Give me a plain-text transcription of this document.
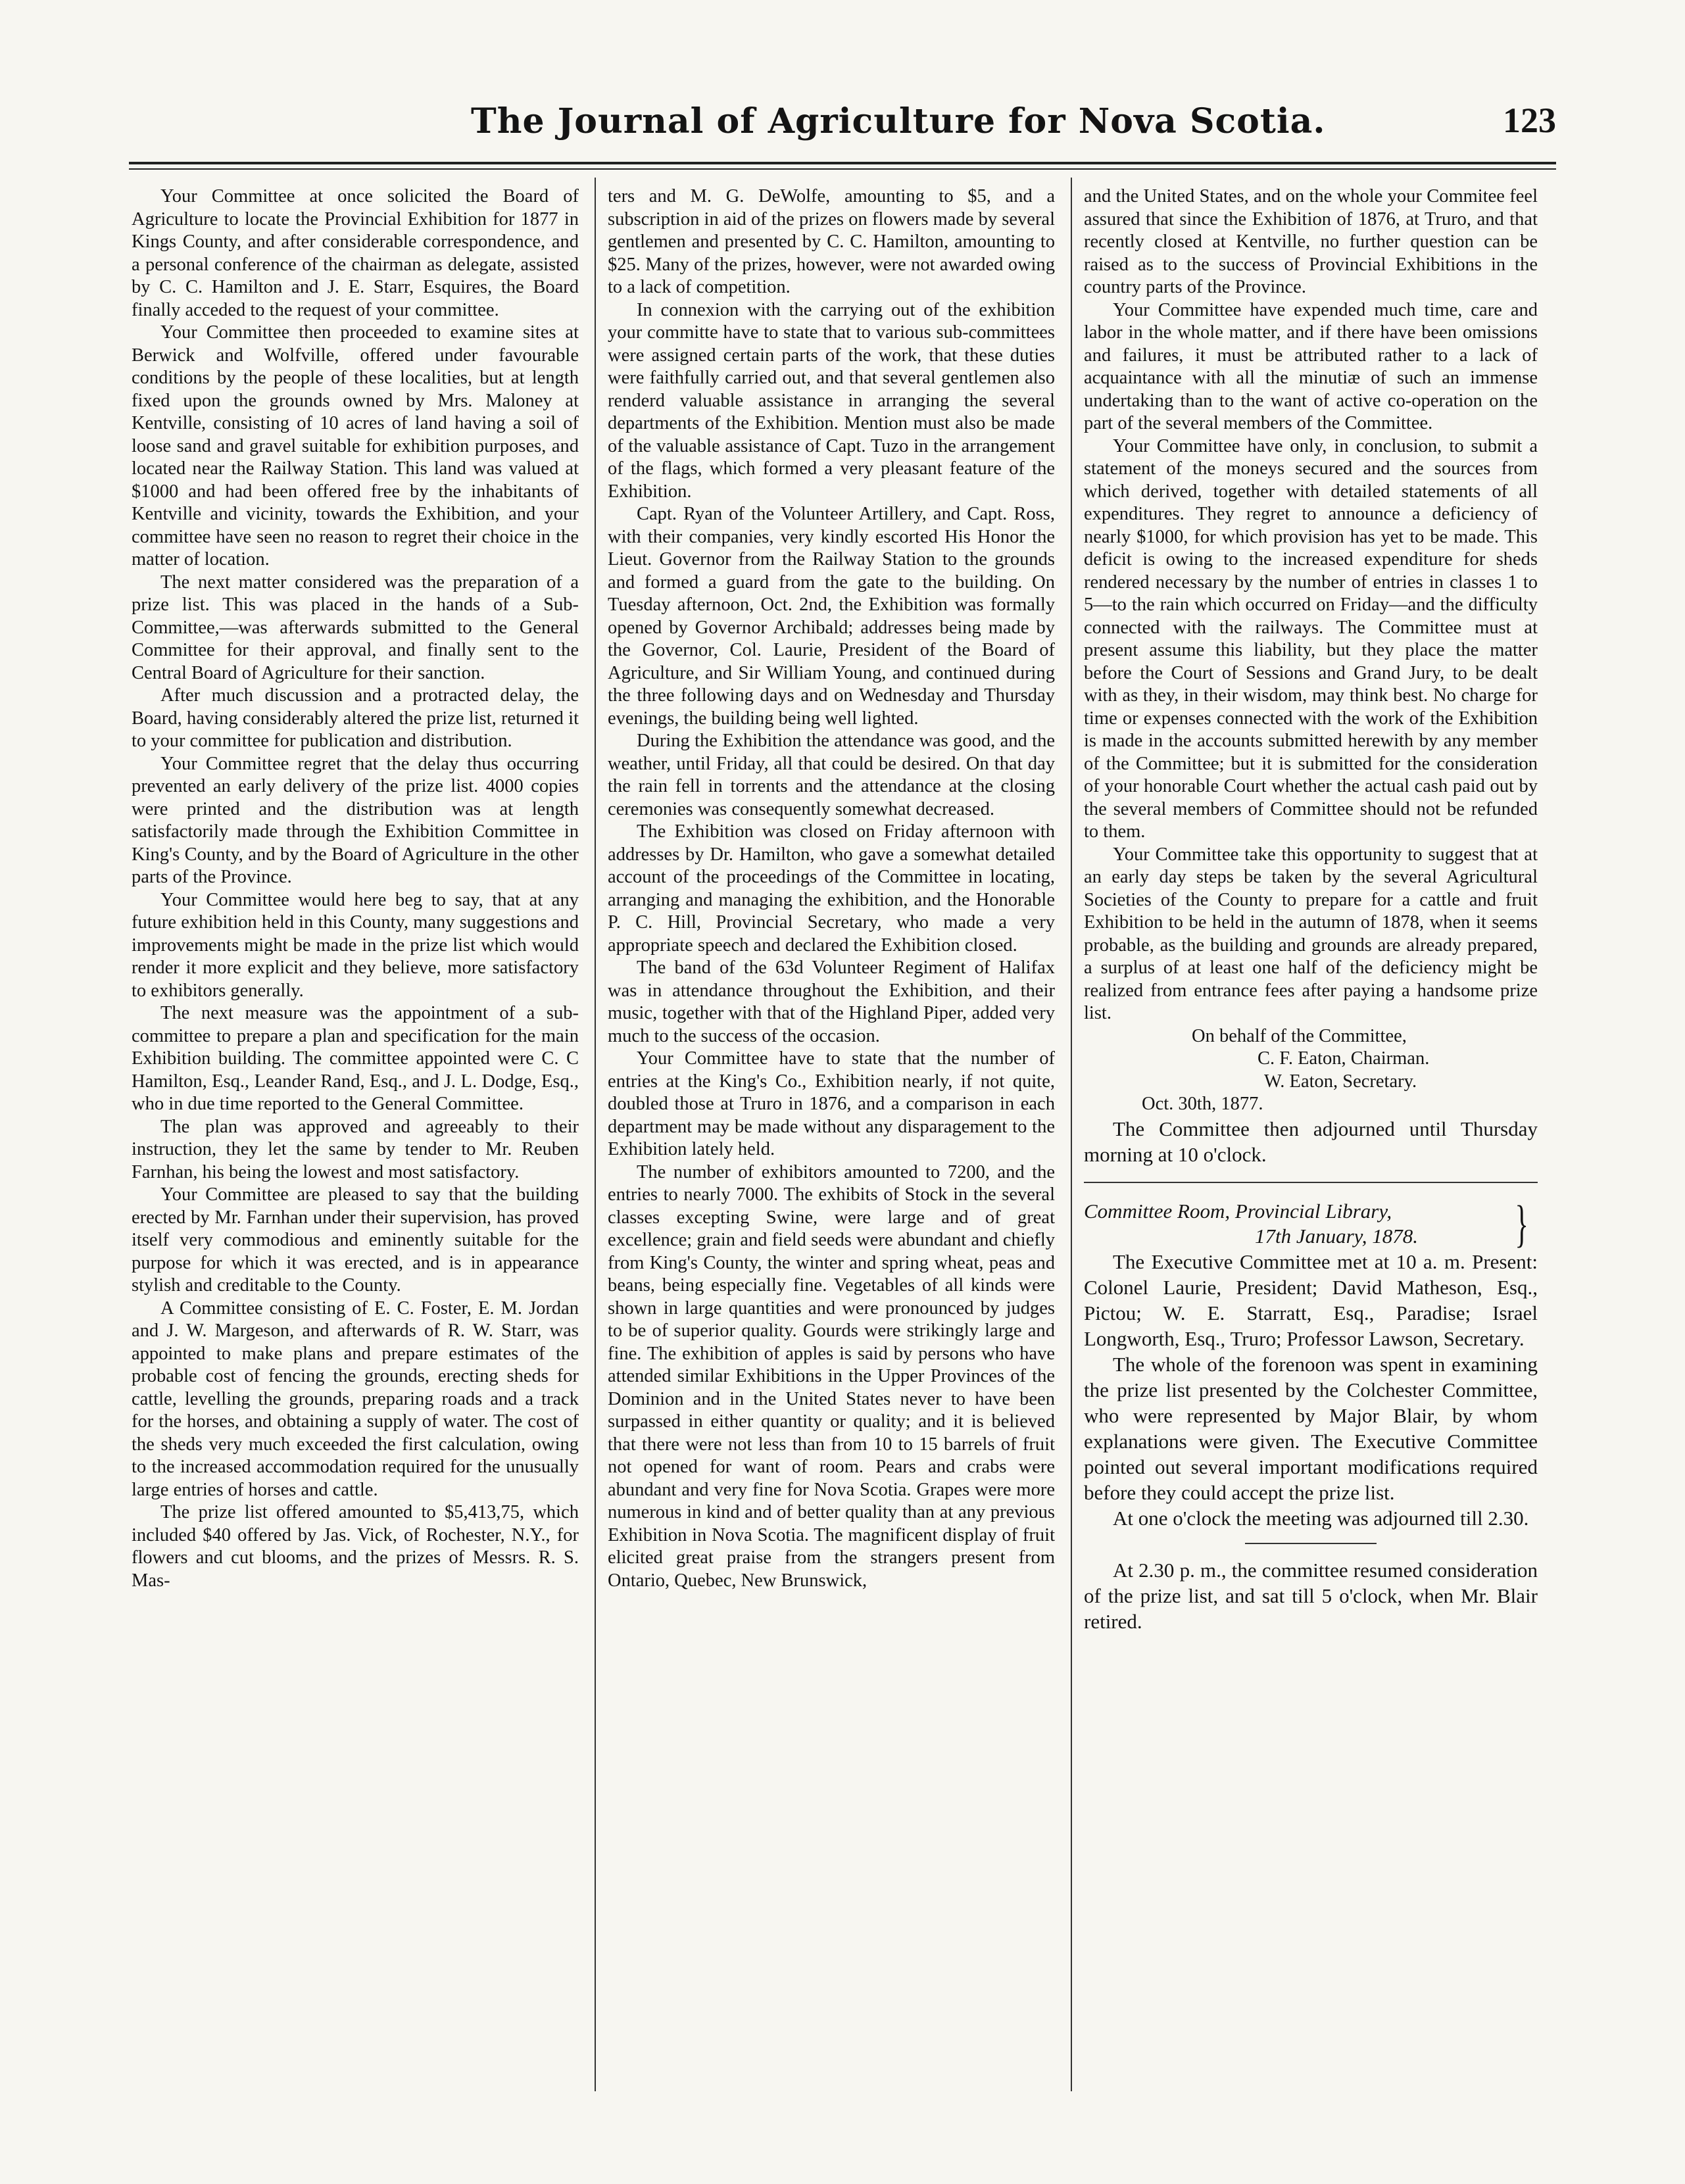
The Journal of Agriculture for Nova Scotia.	123

Your Committee at once solicited the Board of Agriculture to locate the Provincial Exhibition for 1877 in Kings County, and after considerable correspondence, and a personal conference of the chairman as delegate, assisted by C. C. Hamilton and J. E. Starr, Esquires, the Board finally acceded to the request of your committee.

Your Committee then proceeded to examine sites at Berwick and Wolfville, offered under favourable conditions by the people of these localities, but at length fixed upon the grounds owned by Mrs. Maloney at Kentville, consisting of 10 acres of land having a soil of loose sand and gravel suitable for exhibition purposes, and located near the Railway Station. This land was valued at $1000 and had been offered free by the inhabitants of Kentville and vicinity, towards the Exhibition, and your committee have seen no reason to regret their choice in the matter of location.

The next matter considered was the preparation of a prize list. This was placed in the hands of a Sub-Committee,—was afterwards submitted to the General Committee for their approval, and finally sent to the Central Board of Agriculture for their sanction.

After much discussion and a protracted delay, the Board, having considerably altered the prize list, returned it to your committee for publication and distribution.

Your Committee regret that the delay thus occurring prevented an early delivery of the prize list. 4000 copies were printed and the distribution was at length satisfactorily made through the Exhibition Committee in King's County, and by the Board of Agriculture in the other parts of the Province.

Your Committee would here beg to say, that at any future exhibition held in this County, many suggestions and improvements might be made in the prize list which would render it more explicit and they believe, more satisfactory to exhibitors generally.

The next measure was the appointment of a sub-committee to prepare a plan and specification for the main Exhibition building. The committee appointed were C. C Hamilton, Esq., Leander Rand, Esq., and J. L. Dodge, Esq., who in due time reported to the General Committee.

The plan was approved and agreeably to their instruction, they let the same by tender to Mr. Reuben Farnhan, his being the lowest and most satisfactory.

Your Committee are pleased to say that the building erected by Mr. Farnhan under their supervision, has proved itself very commodious and eminently suitable for the purpose for which it was erected, and is in appearance stylish and creditable to the County.

A Committee consisting of E. C. Foster, E. M. Jordan and J. W. Margeson, and afterwards of R. W. Starr, was appointed to make plans and prepare estimates of the probable cost of fencing the grounds, erecting sheds for cattle, levelling the grounds, preparing roads and a track for the horses, and obtaining a supply of water. The cost of the sheds very much exceeded the first calculation, owing to the increased accommodation required for the unusually large entries of horses and cattle.

The prize list offered amounted to $5,413,75, which included $40 offered by Jas. Vick, of Rochester, N.Y., for flowers and cut blooms, and the prizes of Messrs. R. S. Mas-

ters and M. G. DeWolfe, amounting to $5, and a subscription in aid of the prizes on flowers made by several gentlemen and presented by C. C. Hamilton, amounting to $25. Many of the prizes, however, were not awarded owing to a lack of competition.

In connexion with the carrying out of the exhibition your committe have to state that to various sub-committees were assigned certain parts of the work, that these duties were faithfully carried out, and that several gentlemen also renderd valuable assistance in arranging the several departments of the Exhibition. Mention must also be made of the valuable assistance of Capt. Tuzo in the arrangement of the flags, which formed a very pleasant feature of the Exhibition.

Capt. Ryan of the Volunteer Artillery, and Capt. Ross, with their companies, very kindly escorted His Honor the Lieut. Governor from the Railway Station to the grounds and formed a guard from the gate to the building. On Tuesday afternoon, Oct. 2nd, the Exhibition was formally opened by Governor Archibald; addresses being made by the Governor, Col. Laurie, President of the Board of Agriculture, and Sir William Young, and continued during the three following days and on Wednesday and Thursday evenings, the building being well lighted.

During the Exhibition the attendance was good, and the weather, until Friday, all that could be desired. On that day the rain fell in torrents and the attendance at the closing ceremonies was consequently somewhat decreased.

The Exhibition was closed on Friday afternoon with addresses by Dr. Hamilton, who gave a somewhat detailed account of the proceedings of the Committee in locating, arranging and managing the exhibition, and the Honorable P. C. Hill, Provincial Secretary, who made a very appropriate speech and declared the Exhibition closed.

The band of the 63d Volunteer Regiment of Halifax was in attendance throughout the Exhibition, and their music, together with that of the Highland Piper, added very much to the success of the occasion.

Your Committee have to state that the number of entries at the King's Co., Exhibition nearly, if not quite, doubled those at Truro in 1876, and a comparison in each department may be made without any disparagement to the Exhibition lately held.

The number of exhibitors amounted to 7200, and the entries to nearly 7000. The exhibits of Stock in the several classes excepting Swine, were large and of great excellence; grain and field seeds were abundant and chiefly from King's County, the winter and spring wheat, peas and beans, being especially fine. Vegetables of all kinds were shown in large quantities and were pronounced by judges to be of superior quality. Gourds were strikingly large and fine. The exhibition of apples is said by persons who have attended similar Exhibitions in the Upper Provinces of the Dominion and in the United States never to have been surpassed in either quantity or quality; and it is believed that there were not less than from 10 to 15 barrels of fruit not opened for want of room. Pears and crabs were abundant and very fine for Nova Scotia. Grapes were more numerous in kind and of better quality than at any previous Exhibition in Nova Scotia. The magnificent display of fruit elicited great praise from the strangers present from Ontario, Quebec, New Brunswick,

and the United States, and on the whole your Commitee feel assured that since the Exhibition of 1876, at Truro, and that recently closed at Kentville, no further question can be raised as to the success of Provincial Exhibitions in the country parts of the Province.

Your Committee have expended much time, care and labor in the whole matter, and if there have been omissions and failures, it must be attributed rather to a lack of acquaintance with all the minutiæ of such an immense undertaking than to the want of active co-operation on the part of the several members of the Committee.

Your Committee have only, in conclusion, to submit a statement of the moneys secured and the sources from which derived, together with detailed statements of all expenditures. They regret to announce a deficiency of nearly $1000, for which provision has yet to be made. This deficit is owing to the increased expenditure for sheds rendered necessary by the number of entries in classes 1 to 5—to the rain which occurred on Friday—and the difficulty connected with the railways. The Committee must at present assume this liability, but they place the matter before the Court of Sessions and Grand Jury, to be dealt with as they, in their wisdom, may think best. No charge for time or expenses connected with the work of the Exhibition is made in the accounts submitted herewith by any member of the Committee; but it is submitted for the consideration of your honorable Court whether the actual cash paid out by the several members of Committee should not be refunded to them.

Your Committee take this opportunity to suggest that at an early day steps be taken by the several Agricultural Societies of the County to prepare for a cattle and fruit Exhibition to be held in the autumn of 1878, when it seems probable, as the building and grounds are already prepared, a surplus of at least one half of the deficiency might be realized from entrance fees after paying a handsome prize list.

On behalf of the Committee,

C. F. Eaton, Chairman.

W. Eaton, Secretary.

Oct. 30th, 1877.

The Committee then adjourned until Thursday morning at 10 o'clock.

Committee Room, Provincial Library,
17th January, 1878.	}

The Executive Committee met at 10 a. m. Present: Colonel Laurie, President; David Matheson, Esq., Pictou; W. E. Starratt, Esq., Paradise; Israel Longworth, Esq., Truro; Professor Lawson, Secretary.

The whole of the forenoon was spent in examining the prize list presented by the Colchester Committee, who were represented by Major Blair, by whom explanations were given. The Executive Committee pointed out several important modifications required before they could accept the prize list.

At one o'clock the meeting was adjourned till 2.30.

At 2.30 p. m., the committee resumed consideration of the prize list, and sat till 5 o'clock, when Mr. Blair retired.
